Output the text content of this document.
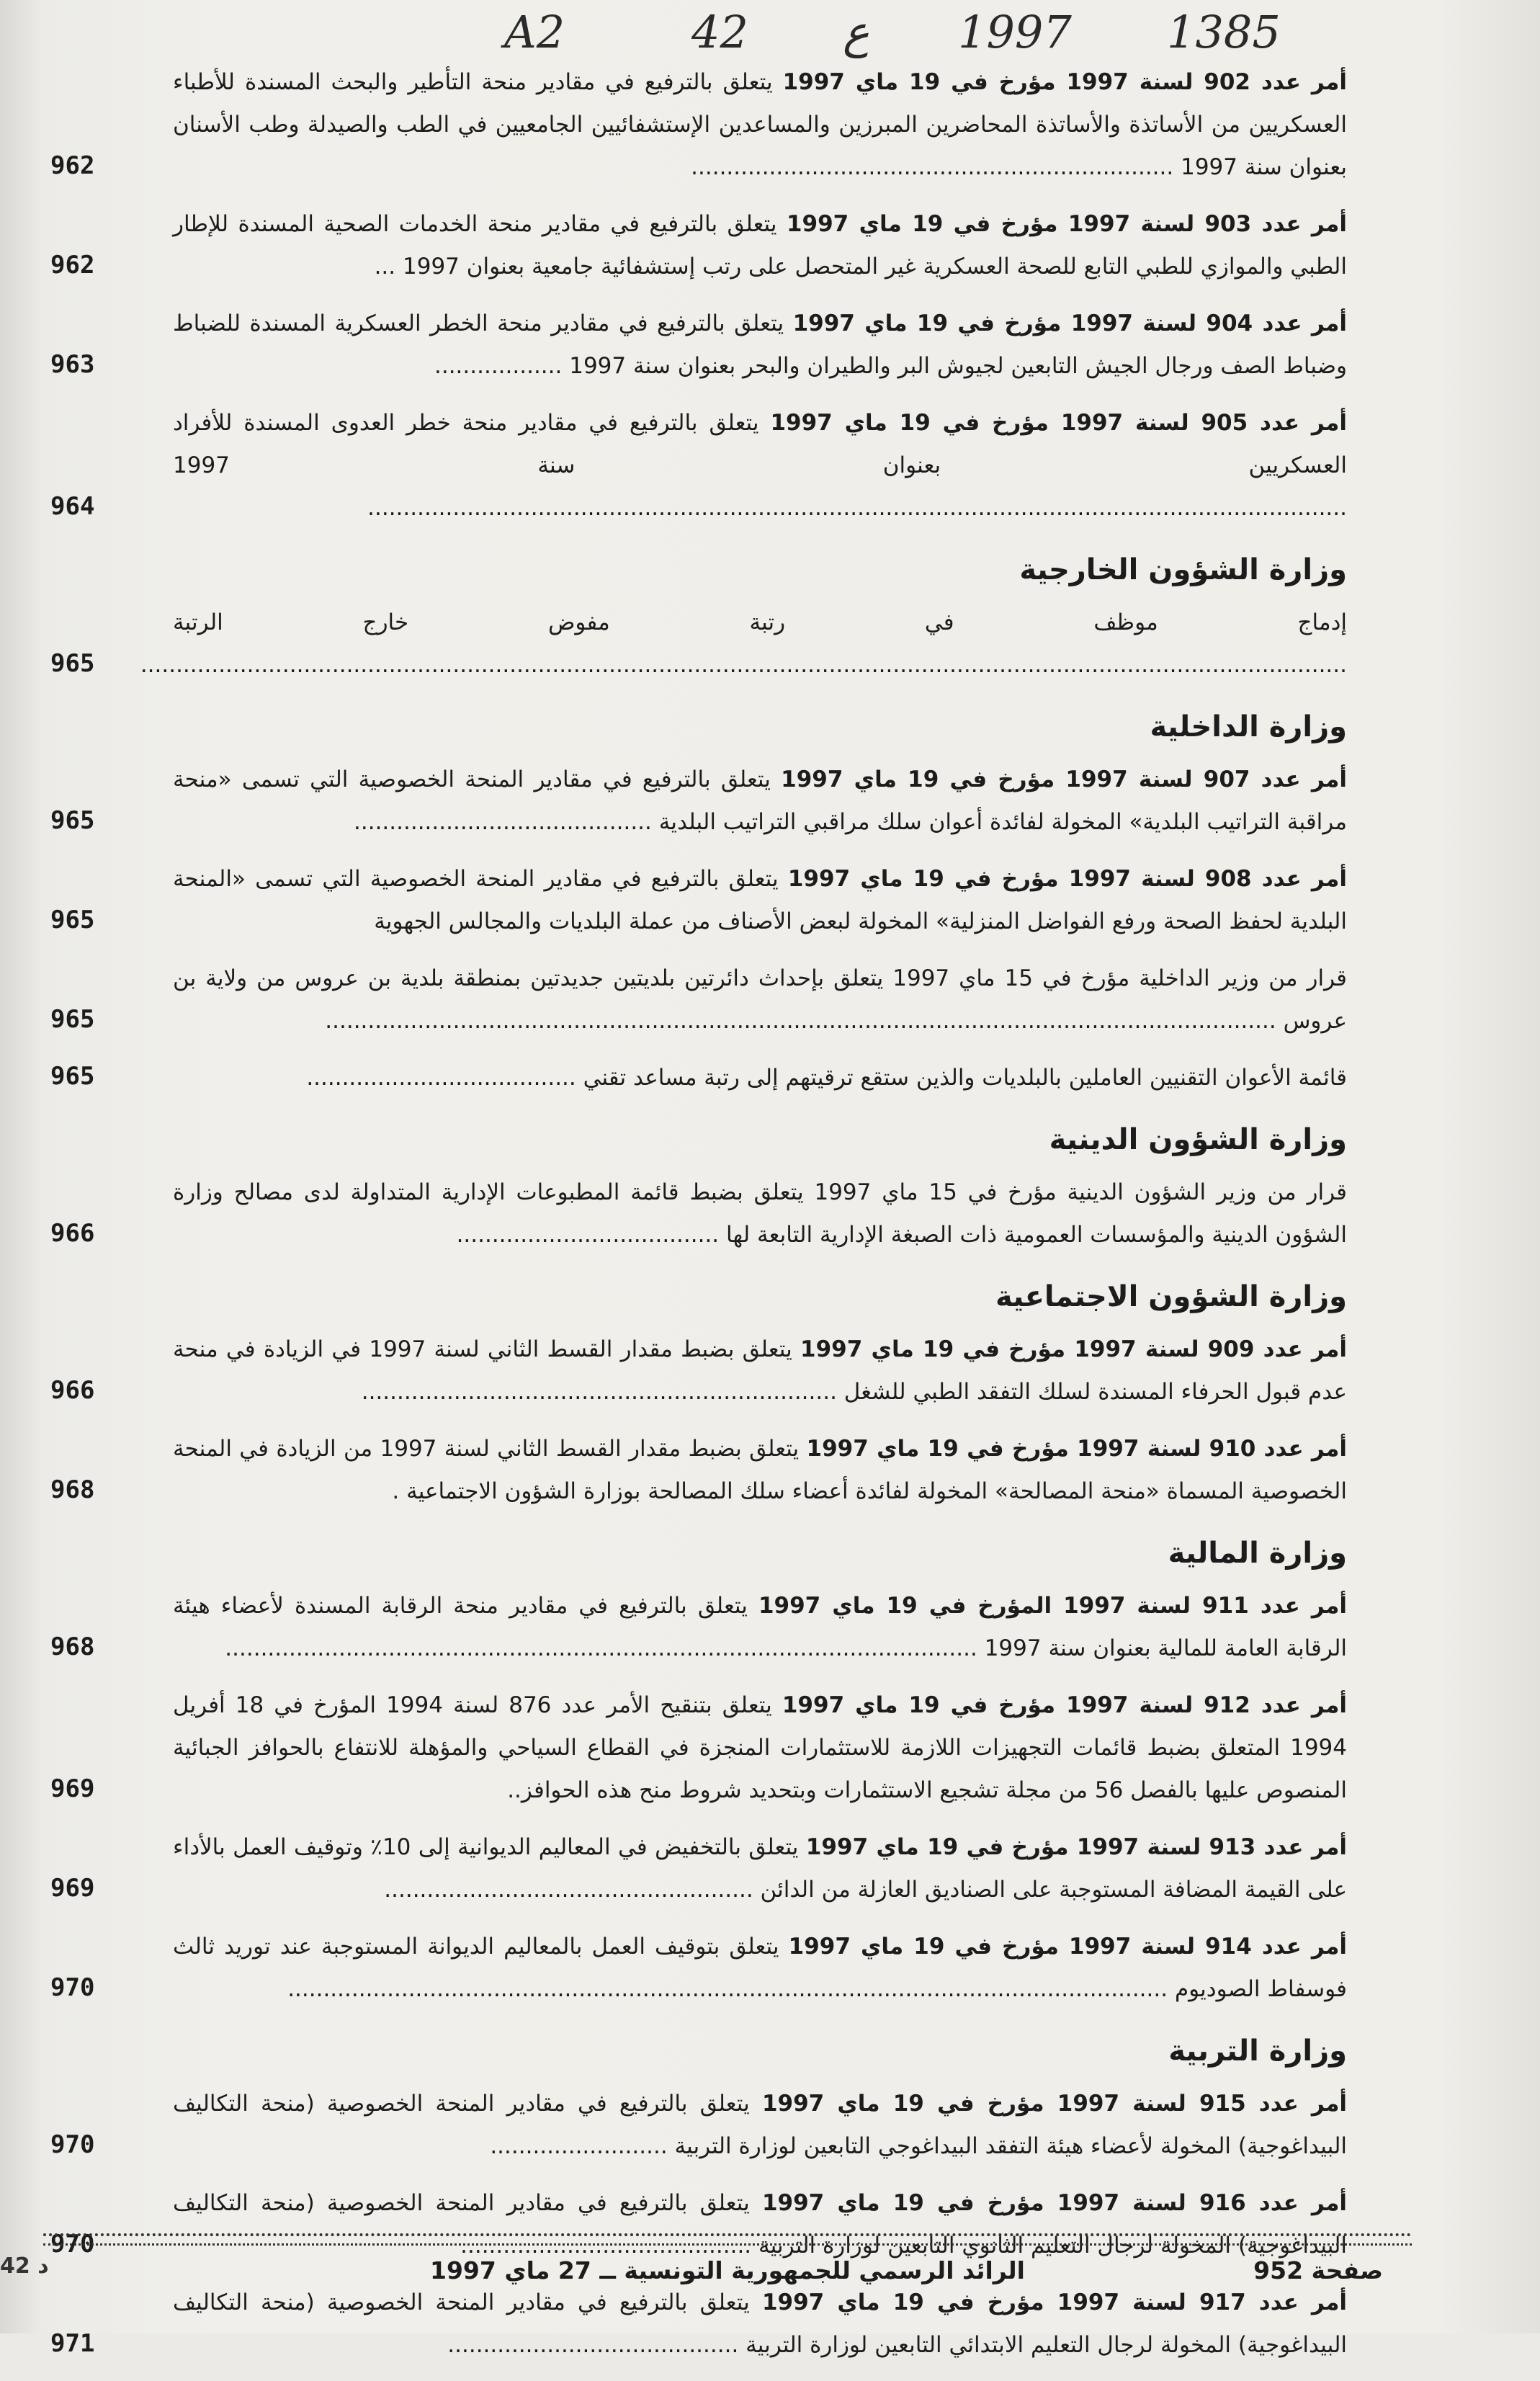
A2	42 ع 1997 1385
أمر عدد 902 لسنة 1997 مؤرخ في 19 ماي 1997 يتعلق بالترفيع في مقادير منحة التأطير والبحث المسندة للأطباء العسكريين من الأساتذة والأساتذة المحاضرين المبرزين والمساعدين الإستشفائيين الجامعيين في الطب والصيدلة وطب الأسنان بعنوان سنة 1997 ....................................................................
962
أمر عدد 903 لسنة 1997 مؤرخ في 19 ماي 1997 يتعلق بالترفيع في مقادير منحة الخدمات الصحية المسندة للإطار الطبي والموازي للطبي التابع للصحة العسكرية غير المتحصل على رتب إستشفائية جامعية بعنوان 1997 ...
962
أمر عدد 904 لسنة 1997 مؤرخ في 19 ماي 1997 يتعلق بالترفيع في مقادير منحة الخطر العسكرية المسندة للضباط وضباط الصف ورجال الجيش التابعين لجيوش البر والطيران والبحر بعنوان سنة 1997 ..................
963
أمر عدد 905 لسنة 1997 مؤرخ في 19 ماي 1997 يتعلق بالترفيع في مقادير منحة خطر العدوى المسندة للأفراد العسكريين بعنوان سنة 1997 ..........................................................................................................................................
964
وزارة الشؤون الخارجية
إدماج موظف في رتبة مفوض خارج الرتبة ..........................................................................................................................................................................
965
وزارة الداخلية
أمر عدد 907 لسنة 1997 مؤرخ في 19 ماي 1997 يتعلق بالترفيع في مقادير المنحة الخصوصية التي تسمى «منحة مراقبة التراتيب البلدية» المخولة لفائدة أعوان سلك مراقبي التراتيب البلدية ..........................................
965
أمر عدد 908 لسنة 1997 مؤرخ في 19 ماي 1997 يتعلق بالترفيع في مقادير المنحة الخصوصية التي تسمى «المنحة البلدية لحفظ الصحة ورفع الفواضل المنزلية» المخولة لبعض الأصناف من عملة البلديات والمجالس الجهوية
965
قرار من وزير الداخلية مؤرخ في 15 ماي 1997 يتعلق بإحداث دائرتين بلديتين جديدتين بمنطقة بلدية بن عروس من ولاية بن عروس ......................................................................................................................................
965
قائمة الأعوان التقنيين العاملين بالبلديات والذين ستقع ترقيتهم إلى رتبة مساعد تقني ......................................
965
وزارة الشؤون الدينية
قرار من وزير الشؤون الدينية مؤرخ في 15 ماي 1997 يتعلق بضبط قائمة المطبوعات الإدارية المتداولة لدى مصالح وزارة الشؤون الدينية والمؤسسات العمومية ذات الصبغة الإدارية التابعة لها .....................................
966
وزارة الشؤون الاجتماعية
أمر عدد 909 لسنة 1997 مؤرخ في 19 ماي 1997 يتعلق بضبط مقدار القسط الثاني لسنة 1997 في الزيادة في منحة عدم قبول الحرفاء المسندة لسلك التفقد الطبي للشغل ...................................................................
966
أمر عدد 910 لسنة 1997 مؤرخ في 19 ماي 1997 يتعلق بضبط مقدار القسط الثاني لسنة 1997 من الزيادة في المنحة الخصوصية المسماة «منحة المصالحة» المخولة لفائدة أعضاء سلك المصالحة بوزارة الشؤون الاجتماعية .
968
وزارة المالية
أمر عدد 911 لسنة 1997 المؤرخ في 19 ماي 1997 يتعلق بالترفيع في مقادير منحة الرقابة المسندة لأعضاء هيئة الرقابة العامة للمالية بعنوان سنة 1997 ..........................................................................................................
968
أمر عدد 912 لسنة 1997 مؤرخ في 19 ماي 1997 يتعلق بتنقيح الأمر عدد 876 لسنة 1994 المؤرخ في 18 أفريل 1994 المتعلق بضبط قائمات التجهيزات اللازمة للاستثمارات المنجزة في القطاع السياحي والمؤهلة للانتفاع بالحوافز الجبائية المنصوص عليها بالفصل 56 من مجلة تشجيع الاستثمارات وبتحديد شروط منح هذه الحوافز..
969
أمر عدد 913 لسنة 1997 مؤرخ في 19 ماي 1997 يتعلق بالتخفيض في المعاليم الديوانية إلى 10٪ وتوقيف العمل بالأداء على القيمة المضافة المستوجبة على الصناديق العازلة من الدائن ....................................................
969
أمر عدد 914 لسنة 1997 مؤرخ في 19 ماي 1997 يتعلق بتوقيف العمل بالمعاليم الديوانة المستوجبة عند توريد ثالث فوسفاط الصوديوم ............................................................................................................................
970
وزارة التربية
أمر عدد 915 لسنة 1997 مؤرخ في 19 ماي 1997 يتعلق بالترفيع في مقادير المنحة الخصوصية (منحة التكاليف البيداغوجية) المخولة لأعضاء هيئة التفقد البيداغوجي التابعين لوزارة التربية .........................
970
أمر عدد 916 لسنة 1997 مؤرخ في 19 ماي 1997 يتعلق بالترفيع في مقادير المنحة الخصوصية (منحة التكاليف البيداغوجية) المخولة لرجال التعليم الثانوي التابعين لوزارة التربية .........................................
970
أمر عدد 917 لسنة 1997 مؤرخ في 19 ماي 1997 يتعلق بالترفيع في مقادير المنحة الخصوصية (منحة التكاليف البيداغوجية) المخولة لرجال التعليم الابتدائي التابعين لوزارة التربية .........................................
971
صفحة 952
الرائد الرسمي للجمهورية التونسية ــ 27 ماي 1997
42 د
